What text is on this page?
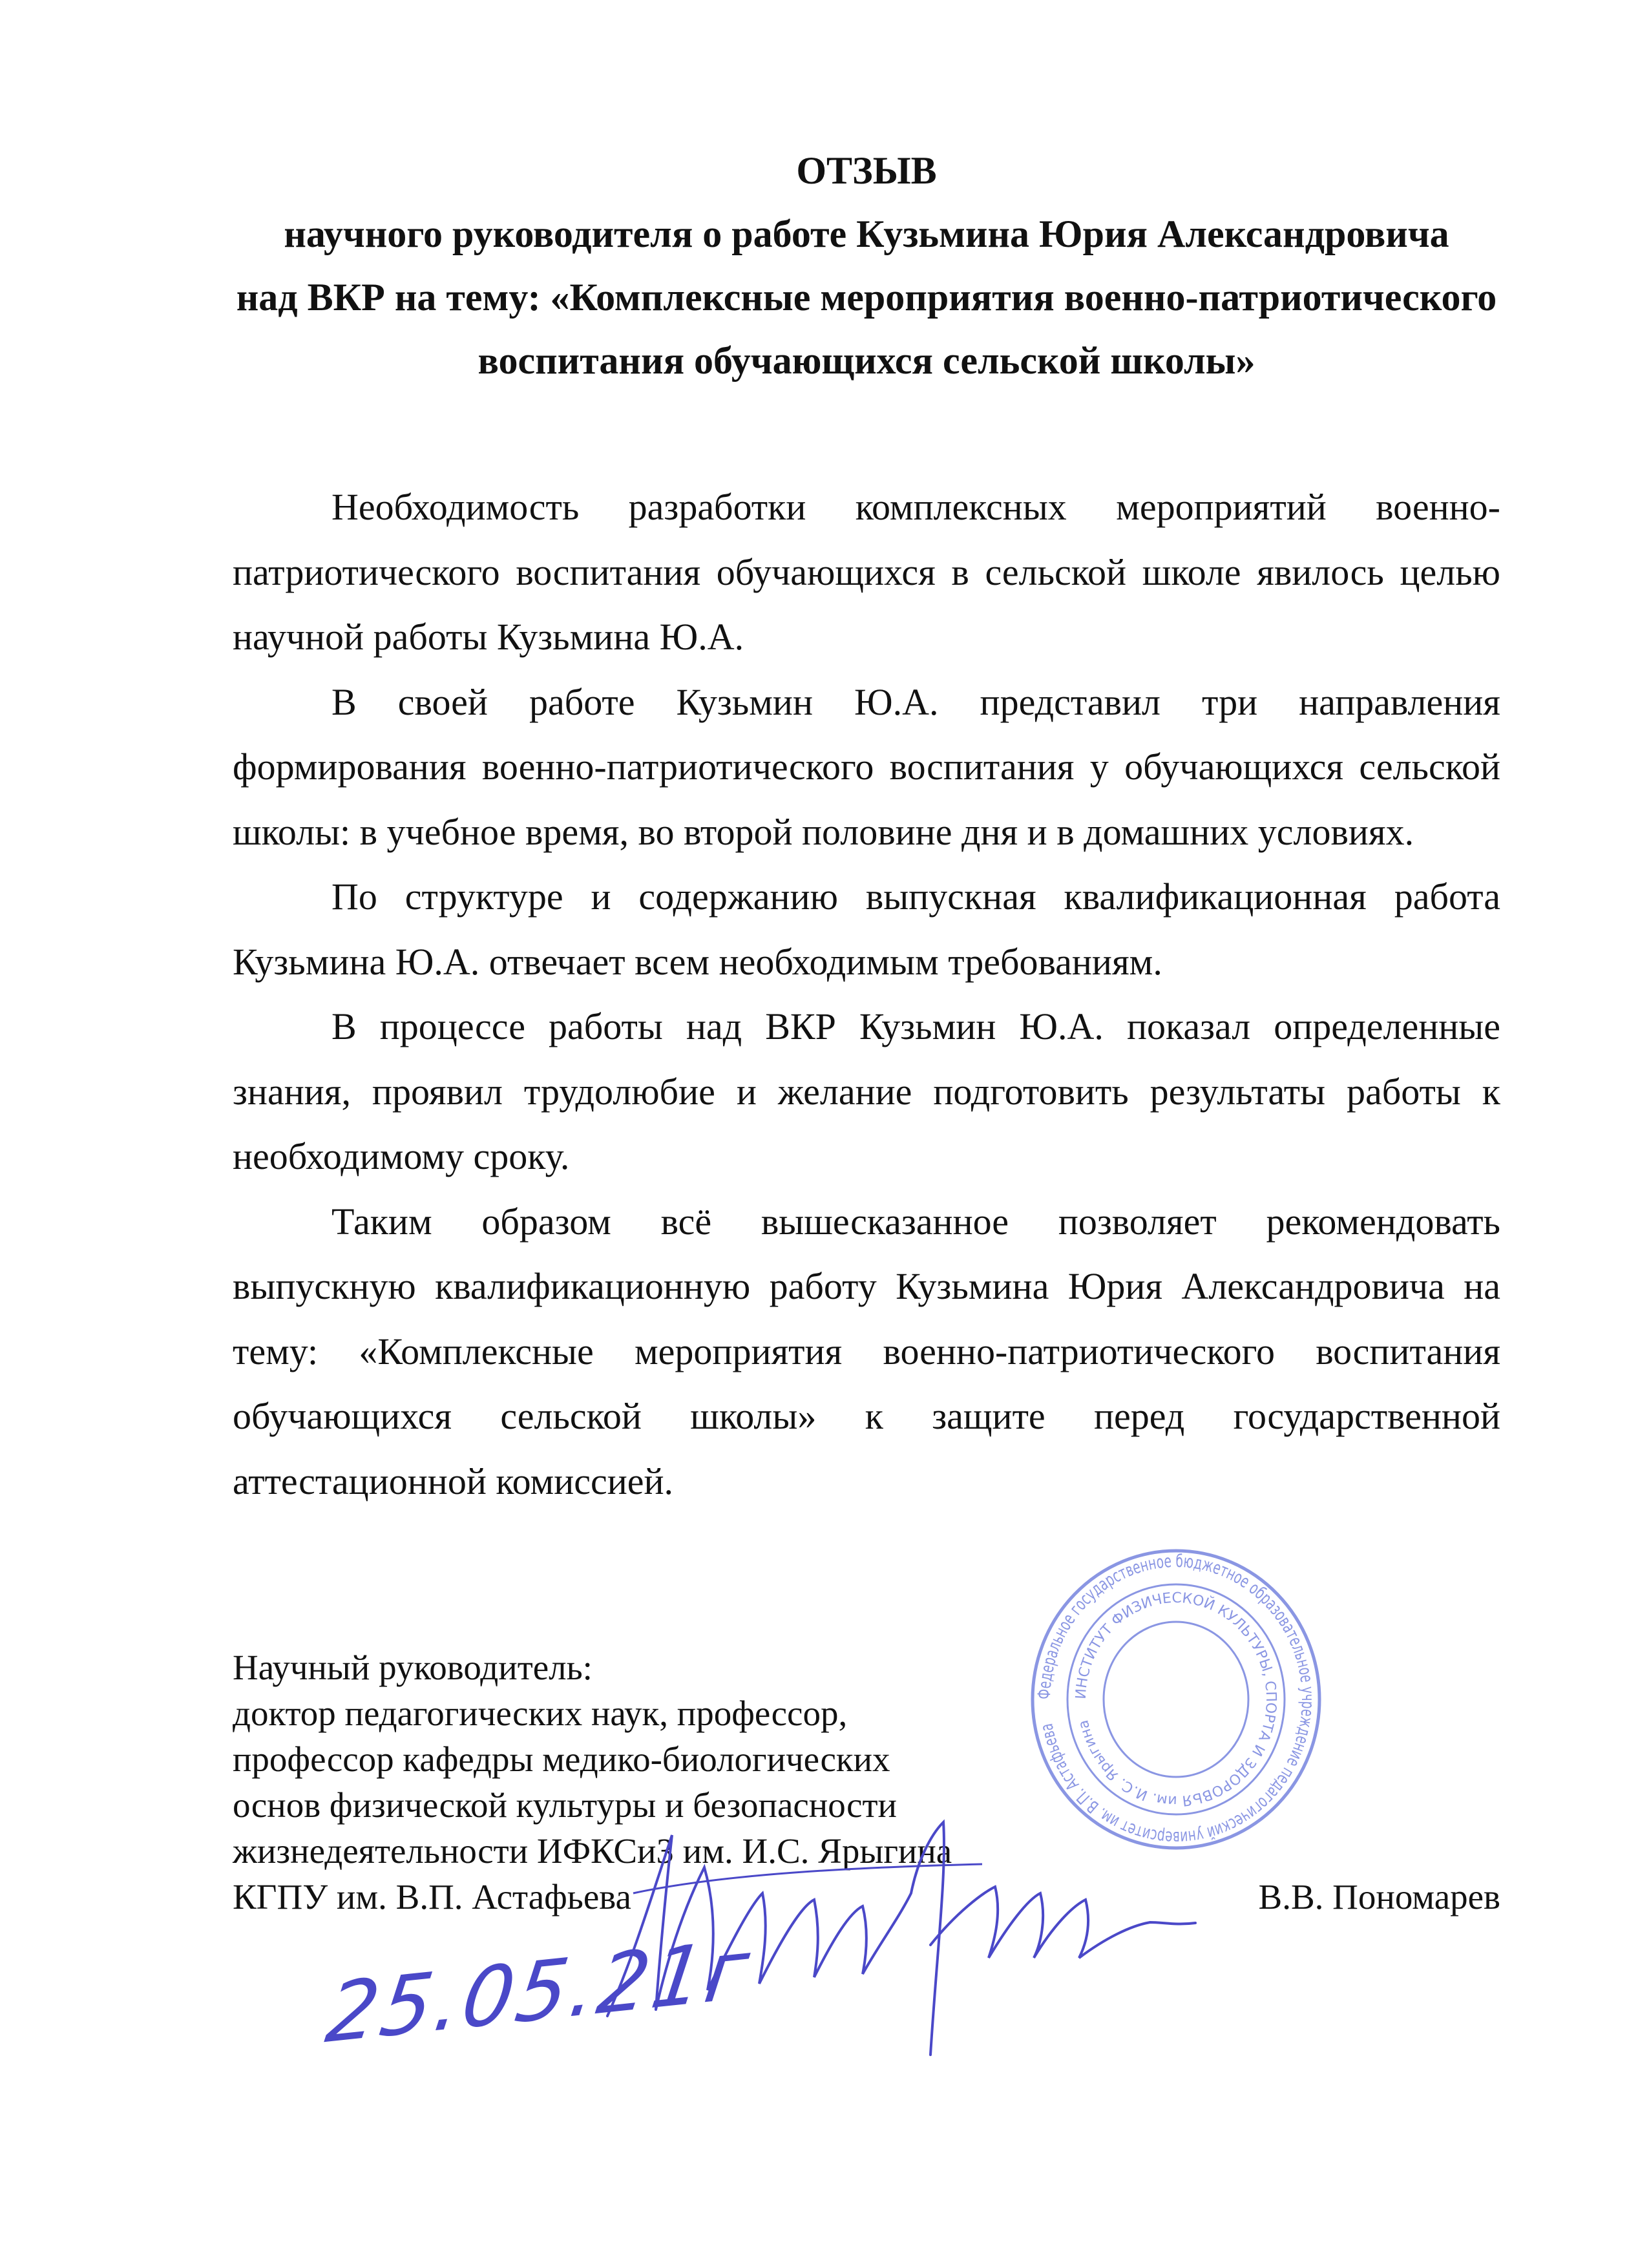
ОТЗЫВ
научного руководителя о работе Кузьмина Юрия Александровича
над ВКР на тему: «Комплексные мероприятия военно-патриотического
воспитания обучающихся сельской школы»
Необходимость разработки комплексных мероприятий военно-
патриотического воспитания обучающихся в сельской школе явилось целью
научной работы Кузьмина Ю.А.
В своей работе Кузьмин Ю.А. представил три направления
формирования военно-патриотического воспитания у обучающихся сельской
школы: в учебное время, во второй половине дня и в домашних условиях.
По структуре и содержанию выпускная квалификационная работа
Кузьмина Ю.А. отвечает всем необходимым требованиям.
В процессе работы над ВКР Кузьмин Ю.А. показал определенные
знания, проявил трудолюбие и желание подготовить результаты работы к
необходимому сроку.
Таким образом всё вышесказанное позволяет рекомендовать
выпускную квалификационную работу Кузьмина Юрия Александровича на
тему: «Комплексные мероприятия военно-патриотического воспитания
обучающихся сельской школы» к защите перед государственной
аттестационной комиссией.
Научный руководитель:
доктор педагогических наук, профессор,
профессор кафедры медико-биологических
основ физической культуры и безопасности
жизнедеятельности ИФКСиЗ им. И.С. Ярыгина
КГПУ им. В.П. Астафьева	В.В. Пономарев
Федеральное государственное бюджетное образовательное учреждение педагогический университет им. В.П. Астафьева
ИНСТИТУТ ФИЗИЧЕСКОЙ КУЛЬТУРЫ, СПОРТА И ЗДОРОВЬЯ им. И.С. Ярыгина
25.05.21г
